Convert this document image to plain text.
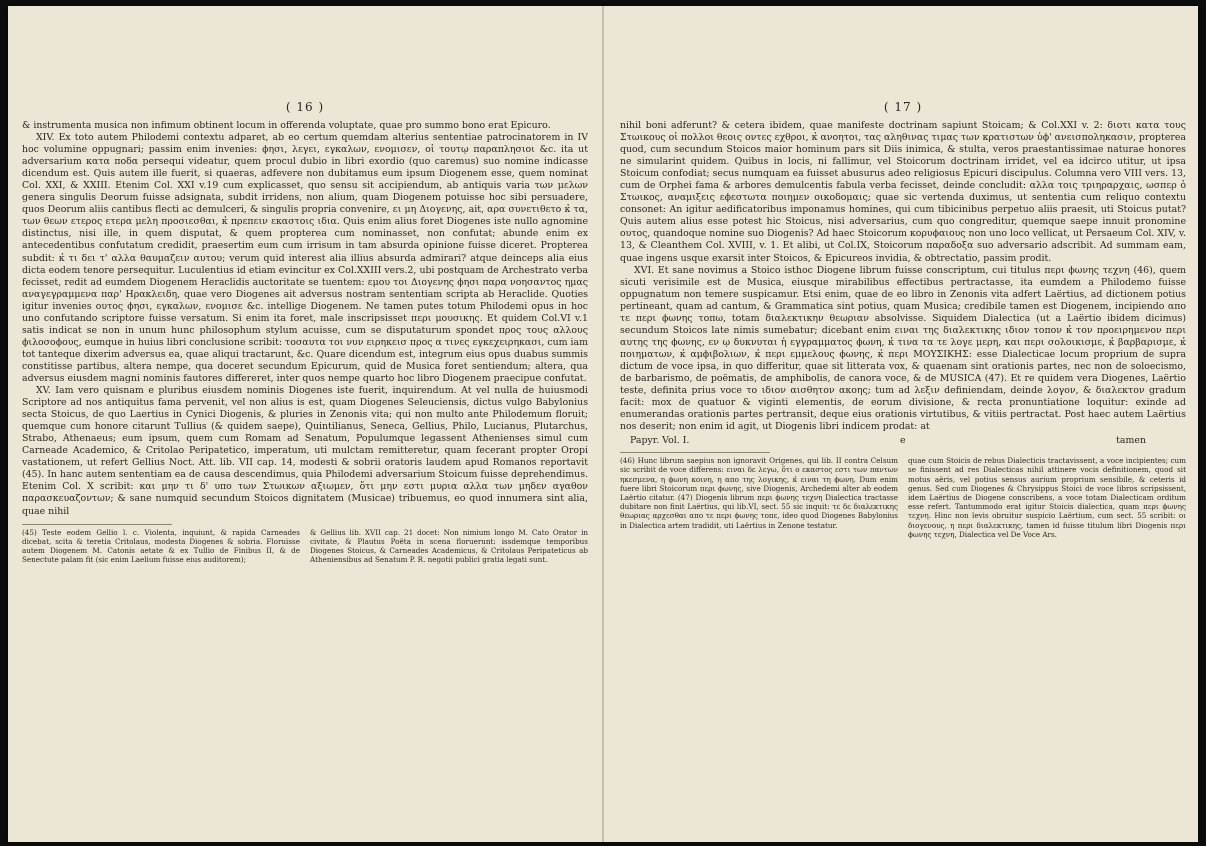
( 16 )

& instrumenta musica non infimum obtinent locum in offerenda voluptate, quae pro summo bono erat Epicuro.

XIV. Ex toto autem Philodemi contextu adparet, ab eo certum quemdam alterius sententiae patrocinatorem in IV hoc volumine oppugnari; passim enim invenies: ϕησι, λεγει, εγκαλων, ενομισεν, οἱ τουτῳ παραπλησιοι &c. ita ut adversarium κατα ποδα persequi videatur, quem procul dubio in libri exordio (quo caremus) suo nomine indicasse dicendum est. Quis autem ille fuerit, si quaeras, adfevere non dubitamus eum ipsum Diogenem esse, quem nominat Col. XXI, & XXIII. Etenim Col. XXI v.19 cum explicasset, quo sensu sit accipiendum, ab antiquis varia των μελων genera singulis Deorum fuisse adsignata, subdit irridens, non alium, quam Diogenem potuisse hoc sibi persuadere, quos Deorum aliis cantibus flecti ac demulceri, & singulis propria convenire, ει μη Διογενης, ait, αρα συνετιθετο κ̓ τα, των θεων ετερος ετερα μελη προσιεσθαι, κ̓ πρεπειν εκαστοις ιδια. Quis enim alius foret Diogenes iste nullo agnomine distinctus, nisi ille, in quem disputat, & quem propterea cum nominasset, non confutat; abunde enim ex antecedentibus confutatum credidit, praesertim eum cum irrisum in tam absurda opinione fuisse diceret. Propterea subdit: κ̓ τι δει τ' αλλα θαυμαζειν αυτου; verum quid interest alia illius absurda admirari? atque deinceps alia eius dicta eodem tenore persequitur. Luculentius id etiam evincitur ex Col.XXIII vers.2, ubi postquam de Archestrato verba fecisset, redit ad eumdem Diogenem Heraclidis auctoritate se tuentem: εμου τοι Διογενης ϕησι παρα νοησαντος ημας αναγεγραμμενα παρ' Ηρακλειδη, quae vero Diogenes ait adversus nostram sententiam scripta ab Heraclide. Quoties igitur invenies ουτος ϕησι, εγκαλων, ενομισε &c. intellige Diogenem. Ne tamen putes totum Philodemi opus in hoc uno confutando scriptore fuisse versatum. Si enim ita foret, male inscripsisset περι μουσικης. Et quidem Col.VI v.1 satis indicat se non in unum hunc philosophum stylum acuisse, cum se disputaturum spondet προς τους αλλους ϕιλοσοϕους, eumque in huius libri conclusione scribit: τοσαυτα τοι νυν ειρηκεισ προς α τινες εγκεχειρηκασι, cum iam tot tanteque dixerim adversus ea, quae aliqui tractarunt, &c. Quare dicendum est, integrum eius opus duabus summis constitisse partibus, altera nempe, qua doceret secundum Epicurum, quid de Musica foret sentiendum; altera, qua adversus eiusdem magni nominis fautores differeret, inter quos nempe quarto hoc libro Diogenem praecipue confutat.

XV. Iam vero quisnam e pluribus eiusdem nominis Diogenes iste fuerit, inquirendum. At vel nulla de huiusmodi Scriptore ad nos antiquitus fama pervenit, vel non alius is est, quam Diogenes Seleuciensis, dictus vulgo Babylonius secta Stoicus, de quo Laertius in Cynici Diogenis, & pluries in Zenonis vita; qui non multo ante Philodemum floruit; quemque cum honore citarunt Tullius (& quidem saepe), Quintilianus, Seneca, Gellius, Philo, Lucianus, Plutarchus, Strabo, Athenaeus; eum ipsum, quem cum Romam ad Senatum, Populumque legassent Athenienses simul cum Carneade Academico, & Critolao Peripatetico, imperatum, uti mulctam remitteretur, quam fecerant propter Oropi vastationem, ut refert Gellius Noct. Att. lib. VII cap. 14, modesti & sobrii oratoris laudem apud Romanos reportavit (45). In hanc autem sententiam ea de causa descendimus, quia Philodemi adversarium Stoicum fuisse deprehendimus. Etenim Col. X scribit: και μην τι δ' υπο των Στωικων αξιωμεν, ὅτι μην εστι μυρια αλλα των μηδεν αγαθον παρασκευαζοντων; & sane numquid secundum Stoicos dignitatem (Musicae) tribuemus, eo quod innumera sint alia, quae nihil

(45) Teste eodem Gellio l. c. Violenta, inquiunt, & rapida Carneades dicebat, scita & teretia Critolaus, modesta Diogenes & sobria. Floruisse autem Diogenem M. Catonis aetate & ex Tullio de Finibus II, & de Senectute palam fit (sic enim Laelium fuisse eius auditorem);
& Gellius lib. XVII cap. 21 docet: Non nimium longo M. Cato Orator in civitate, & Plautus Poëta in scena floruerunt: issdemque temporibus Diogenes Stoicus, & Carneades Academicus, & Critolaus Peripateticus ab Atheniensibus ad Senatum P. R. negotii publici gratia legati sunt.
( 17 )

nihil boni adferunt? & cetera ibidem, quae manifeste doctrinam sapiunt Stoicam; & Col.XXI v. 2: διοτι κατα τους Στωικους οἱ πολλοι θεοις οντες εχθροι, κ̓ ανοητοι, τας αληθινας τιμας των κρατιστων ὑϕ' ανεισποληκασιν, propterea quod, cum secundum Stoicos maior hominum pars sit Diis inimica, & stulta, veros praestantissimae naturae honores ne simularint quidem. Quibus in locis, ni fallimur, vel Stoicorum doctrinam irridet, vel ea idcirco utitur, ut ipsa Stoicum confodiat; secus numquam ea fuisset abusurus adeo religiosus Epicuri discipulus. Columna vero VIII vers. 13, cum de Orphei fama & arbores demulcentis fabula verba fecisset, deinde concludit: αλλα τοις τριηραρχαις, ωσπερ ὁ Στωικος, αναμιξεις εϕεστωτα ποιημεν οικοδομαις; quae sic vertenda duximus, ut sententia cum reliquo contextu consonet: An igitur aedificatoribus imponamus homines, qui cum tibicinibus perpetuo aliis praesit, uti Stoicus putat? Quis autem alius esse potest hic Stoicus, nisi adversarius, cum quo congreditur, quemque saepe innuit pronomine ουτος, quandoque nomine suo Diogenis? Ad haec Stoicorum κορυϕαιους non uno loco vellicat, ut Persaeum Col. XIV, v. 13, & Cleanthem Col. XVIII, v. 1. Et alibi, ut Col.IX, Stoicorum παραδοξα suo adversario adscribit. Ad summam eam, quae ingens usque exarsit inter Stoicos, & Epicureos invidia, & obtrectatio, passim prodit.

XVI. Et sane novimus a Stoico isthoc Diogene librum fuisse conscriptum, cui titulus περι ϕωνης τεχνη (46), quem sicuti verisimile est de Musica, eiusque mirabilibus effectibus pertractasse, ita eumdem a Philodemo fuisse oppugnatum non temere suspicamur. Etsi enim, quae de eo libro in Zenonis vita adfert Laërtius, ad dictionem potius pertineant, quam ad cantum, & Grammatica sint potius, quam Musica; credibile tamen est Diogenem, incipiendo απο τε περι ϕωνης τοπω, totam διαλεκτικην θεωριαν absolvisse. Siquidem Dialectica (ut a Laërtio ibidem dicimus) secundum Stoicos late nimis sumebatur; dicebant enim ειναι της διαλεκτικης ιδιον τοπον κ̓ τον προειρημενον περι αυτης της ϕωνης, εν ῳ δυκνυται ἡ εγγραμματος ϕωνη, κ̓ τινα τα τε λογε μερη, και περι σολοικισμε, κ̓ βαρβαρισμε, κ̓ ποιηματων, κ̓ αμϕιβολιων, κ̓ περι εμμελους ϕωνης, κ̓ περι ΜΟΥΣΙΚΗΣ: esse Dialecticae locum proprium de supra dictum de voce ipsa, in quo differitur, quae sit litterata vox, & quaenam sint orationis partes, nec non de soloecismo, de barbarismo, de poëmatis, de amphibolis, de canora voce, & de MUSICA (47). Et re quidem vera Diogenes, Laërtio teste, definita prius voce το ιδιον αισθητον ακοης; tum ad λεξιν definiendam, deinde λογον, & διαλεκτον gradum facit: mox de quatuor & viginti elementis, de eorum divisione, & recta pronuntiatione loquitur: exinde ad enumerandas orationis partes pertransit, deque eius orationis virtutibus, & vitiis pertractat. Post haec autem Laërtius nos deserit; non enim id agit, ut Diogenis libri indicem prodat: at

Papyr. Vol. I.	e	tamen
(46) Hunc librum saepius non ignoravit Origenes, qui lib. II contra Celsum sic scribit de voce differens: ειναι δε λεγω, ὅτι ο εκαστος εστι των παντων ηκεσμενα, η ϕωνη κοινη, η απο της λογικης, κ̓ ειναι τη ϕωνη. Dum enim fuere libri Stoicorum περι ϕωνης, sive Diogenis, Archedemi alter ab eodem Laërtio citatur. (47) Diogenis librum περι ϕωνης τεχνη Dialectica tractasse dubitare non finit Laërtius, qui lib.VI, sect. 55 sic inquit: τε δε διαλεκτικης θεωριας αρχεσθαι απο τε περι ϕωνης τοπε, ideo quod Diogenes Babylonius in Dialectica artem tradidit, uti Laërtius in Zenone testatur.
quae cum Stoicis de rebus Dialecticis tractavissent, a voce incipientes; cum se finissent ad res Dialecticas nihil attinere vocis definitionem, quod sit motus aëris, vel potius sensus aurium proprium sensibile, & ceteris id genus. Sed cum Diogenes & Chrysippus Stoici de voce libros scripsissent, idem Laërtius de Diogene conscribens, a voce totam Dialecticam orditum esse refert. Tantummodo erat igitur Stoicis dialectica, quam περι ϕωνης τεχνη. Hinc non levis obruitur suspicio Laërtium, cum sect. 55 scribit: οι διογενους, η περι διαλεκτικης, tamen id fuisse titulum libri Diogenis περι ϕωνης τεχνη, Dialectica vel De Voce Ars.
